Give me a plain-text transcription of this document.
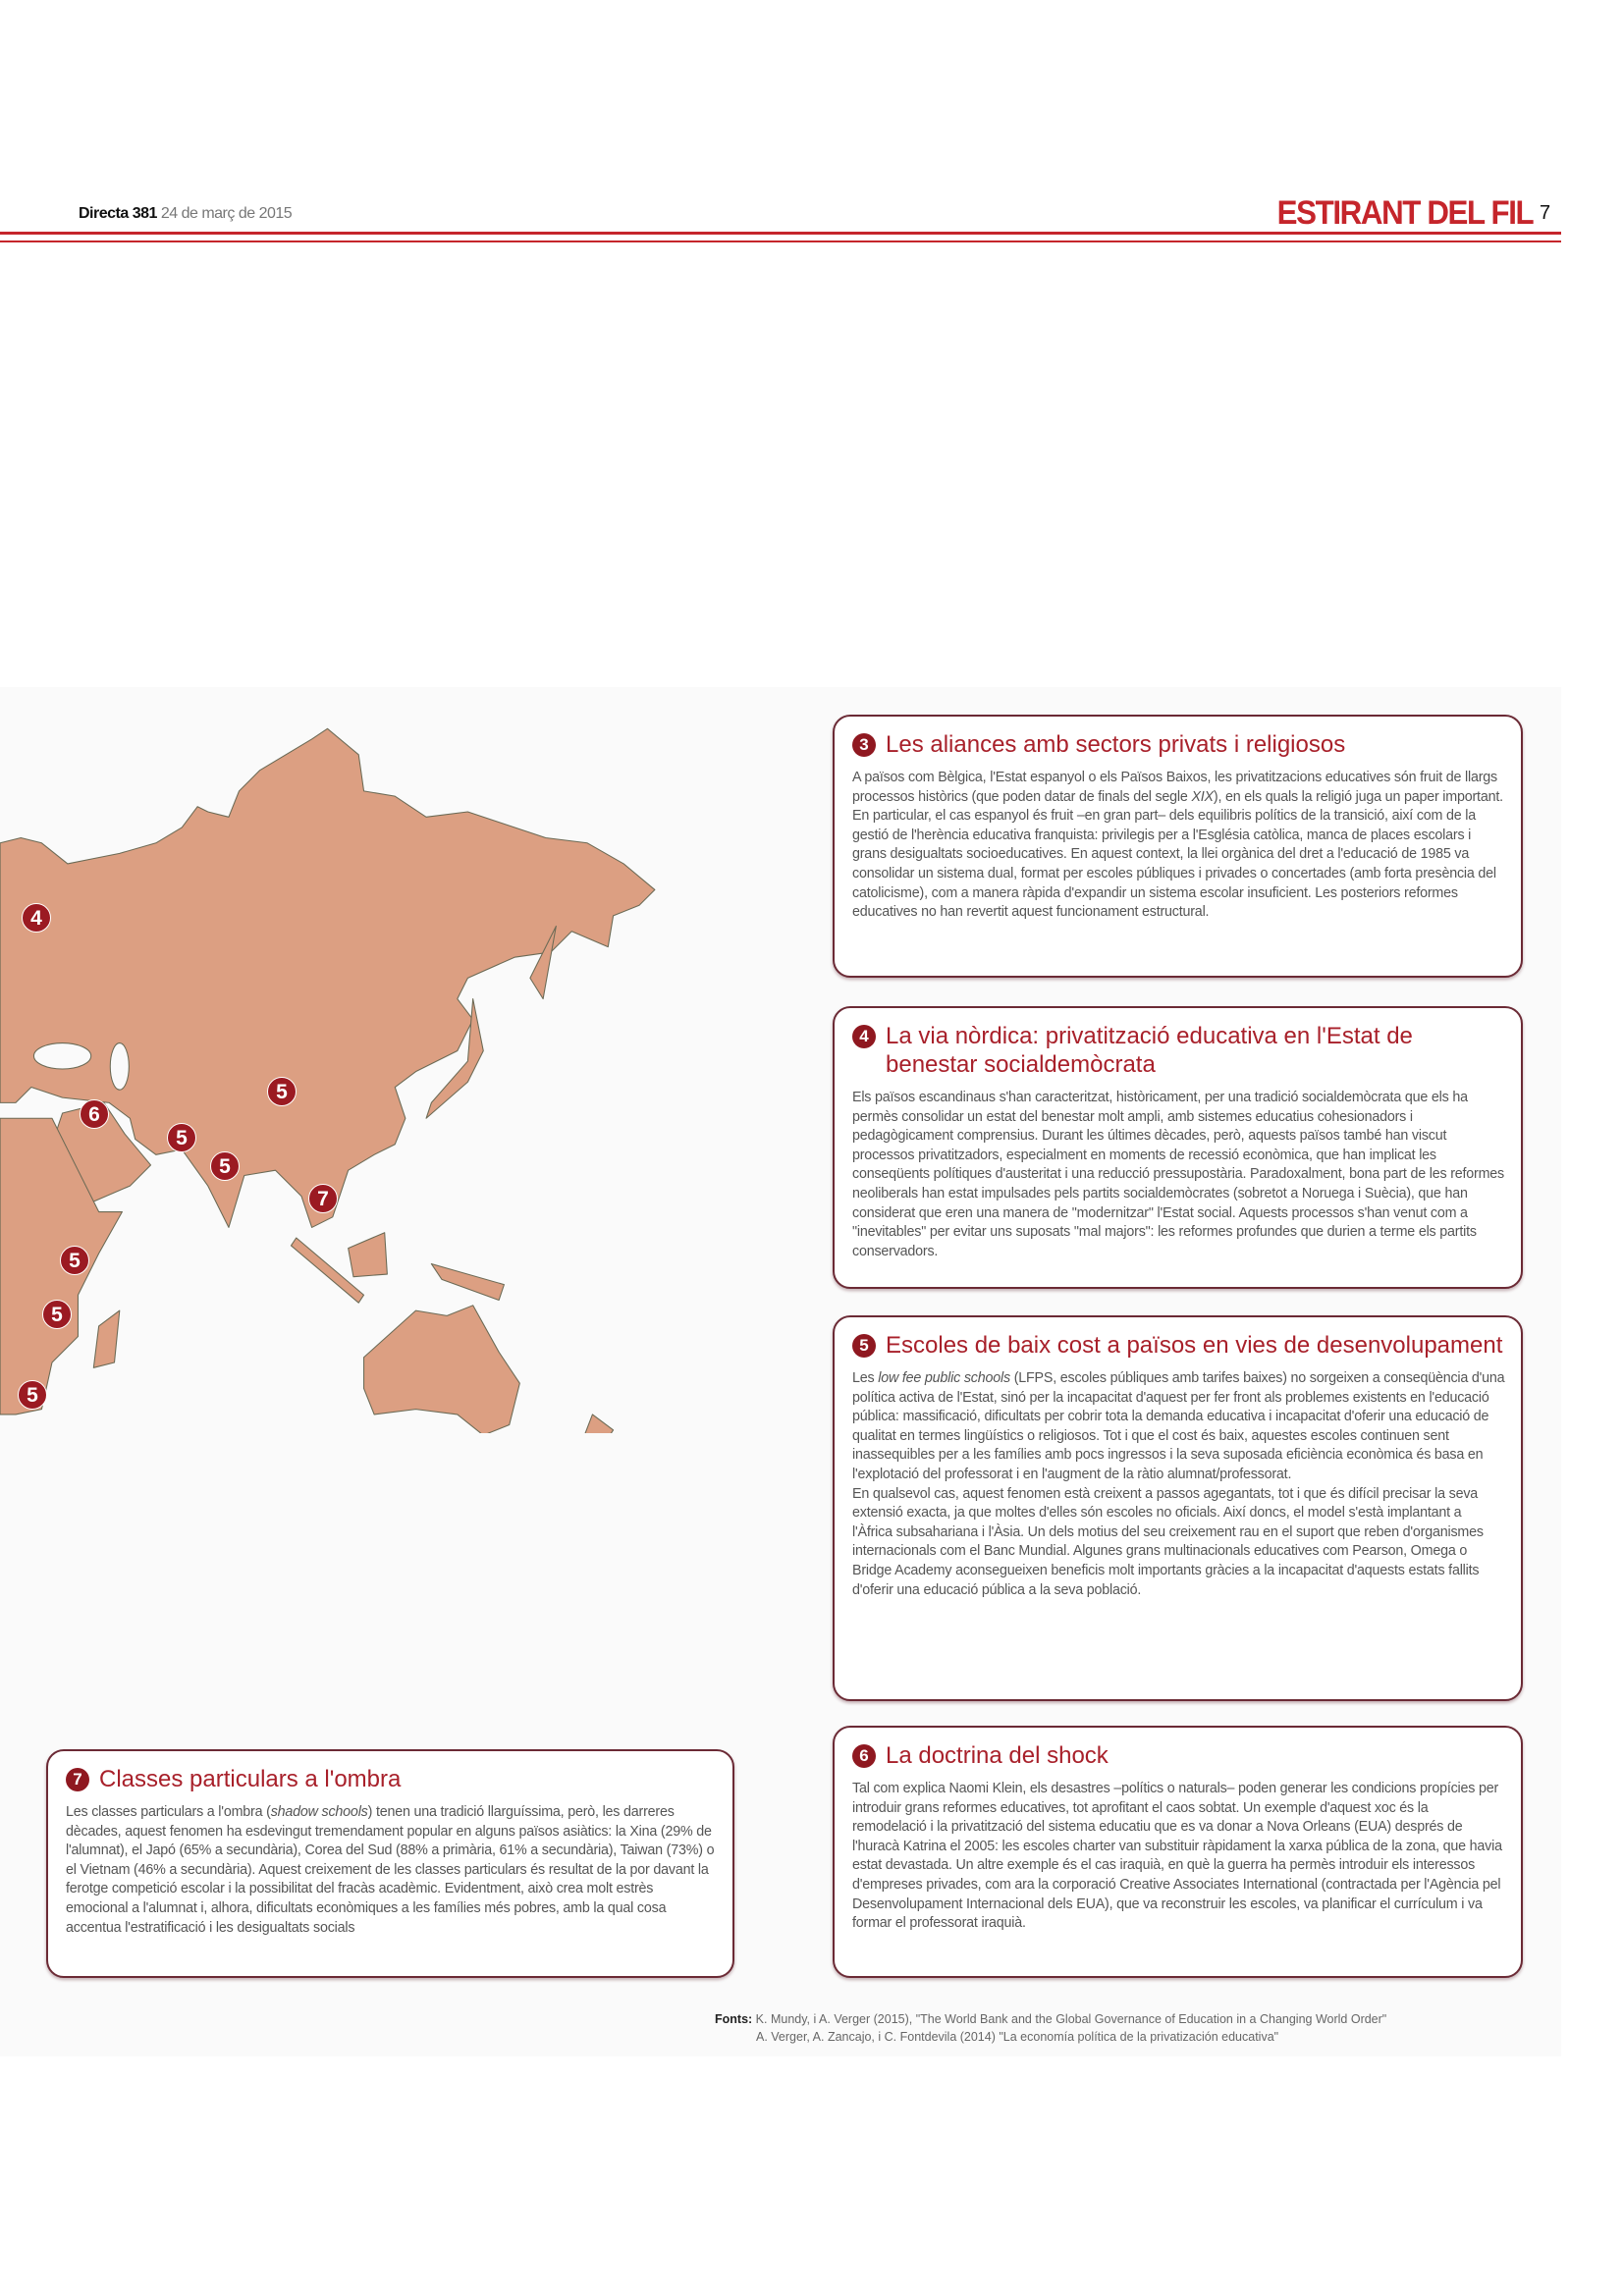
Directa 381 24 de març de 2015	ESTIRANT DEL FIL 7
4
5
6
5
5
7
5
5
5
3 Les aliances amb sectors privats i religiosos
A països com Bèlgica, l'Estat espanyol o els Països Baixos, les privatitzacions educatives són fruit de llargs processos històrics (que poden datar de finals del segle XIX), en els quals la religió juga un paper important. En particular, el cas espanyol és fruit –en gran part– dels equilibris polítics de la transició, així com de la gestió de l'herència educativa franquista: privilegis per a l'Església catòlica, manca de places escolars i grans desigualtats socioeducatives. En aquest context, la llei orgànica del dret a l'educació de 1985 va consolidar un sistema dual, format per escoles públiques i privades o concertades (amb forta presència del catolicisme), com a manera ràpida d'expandir un sistema escolar insuficient. Les posteriors reformes educatives no han revertit aquest funcionament estructural.
4 La via nòrdica: privatització educativa en l'Estat de benestar socialdemòcrata
Els països escandinaus s'han caracteritzat, històricament, per una tradició socialdemòcrata que els ha permès consolidar un estat del benestar molt ampli, amb sistemes educatius cohesionadors i pedagògicament comprensius. Durant les últimes dècades, però, aquests països també han viscut processos privatitzadors, especialment en moments de recessió econòmica, que han implicat les conseqüents polítiques d'austeritat i una reducció pressupostària. Paradoxalment, bona part de les reformes neoliberals han estat impulsades pels partits socialdemòcrates (sobretot a Noruega i Suècia), que han considerat que eren una manera de "modernitzar" l'Estat social. Aquests processos s'han venut com a "inevitables" per evitar uns suposats "mal majors": les reformes profundes que durien a terme els partits conservadors.
5 Escoles de baix cost a països en vies de desenvolupament

Les low fee public schools (LFPS, escoles públiques amb tarifes baixes) no sorgeixen a conseqüència d'una política activa de l'Estat, sinó per la incapacitat d'aquest per fer front als problemes existents en l'educació pública: massificació, dificultats per cobrir tota la demanda educativa i incapacitat d'oferir una educació de qualitat en termes lingüístics o religiosos. Tot i que el cost és baix, aquestes escoles continuen sent inassequibles per a les famílies amb pocs ingressos i la seva suposada eficiència econòmica és basa en l'explotació del professorat i en l'augment de la ràtio alumnat/professorat.

En qualsevol cas, aquest fenomen està creixent a passos agegantats, tot i que és difícil precisar la seva extensió exacta, ja que moltes d'elles són escoles no oficials. Així doncs, el model s'està implantant a l'Àfrica subsahariana i l'Àsia. Un dels motius del seu creixement rau en el suport que reben d'organismes internacionals com el Banc Mundial. Algunes grans multinacionals educatives com Pearson, Omega o Bridge Academy aconsegueixen beneficis molt importants gràcies a la incapacitat d'aquests estats fallits d'oferir una educació pública a la seva població.

6 La doctrina del shock
Tal com explica Naomi Klein, els desastres –polítics o naturals– poden generar les condicions propícies per introduir grans reformes educatives, tot aprofitant el caos sobtat. Un exemple d'aquest xoc és la remodelació i la privatització del sistema educatiu que es va donar a Nova Orleans (EUA) després de l'huracà Katrina el 2005: les escoles charter van substituir ràpidament la xarxa pública de la zona, que havia estat devastada. Un altre exemple és el cas iraquià, en què la guerra ha permès introduir els interessos d'empreses privades, com ara la corporació Creative Associates International (contractada per l'Agència pel Desenvolupament Internacional dels EUA), que va reconstruir les escoles, va planificar el currículum i va formar el professorat iraquià.
7 Classes particulars a l'ombra
Les classes particulars a l'ombra (shadow schools) tenen una tradició llarguíssima, però, les darreres dècades, aquest fenomen ha esdevingut tremendament popular en alguns països asiàtics: la Xina (29% de l'alumnat), el Japó (65% a secundària), Corea del Sud (88% a primària, 61% a secundària), Taiwan (73%) o el Vietnam (46% a secundària). Aquest creixement de les classes particulars és resultat de la por davant la ferotge competició escolar i la possibilitat del fracàs acadèmic. Evidentment, això crea molt estrès emocional a l'alumnat i, alhora, dificultats econòmiques a les famílies més pobres, amb la qual cosa accentua l'estratificació i les desigualtats socials
Fonts: K. Mundy, i A. Verger (2015), "The World Bank and the Global Governance of Education in a Changing World Order"
A. Verger, A. Zancajo, i C. Fontdevila (2014) "La economía política de la privatización educativa"
